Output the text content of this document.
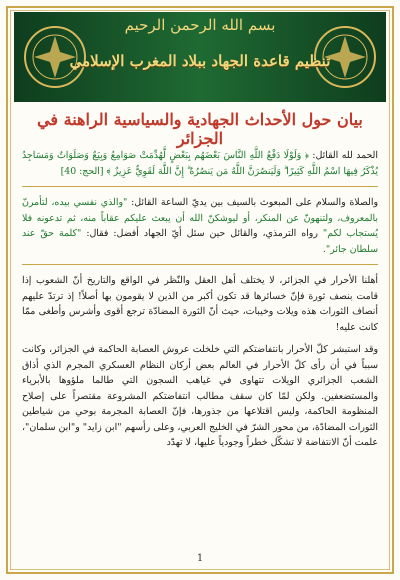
بسم الله الرحمن الرحيم
تنظيم قاعدة الجهاد ببلاد المغرب الإسلامي
بيان حول الأحداث الجهادية والسياسية الراهنة في الجزائر

الحمد لله القائل: ﴿ وَلَوْلَا دَفْعُ اللَّهِ النَّاسَ بَعْضَهُم بِبَعْضٍ لَّهُدِّمَتْ صَوَامِعُ وَبِيَعٌ وَصَلَوَاتٌ وَمَسَاجِدُ يُذْكَرُ فِيهَا اسْمُ اللَّهِ كَثِيرًا ۗ وَلَيَنصُرَنَّ اللَّهُ مَن يَنصُرُهُ ۗ إِنَّ اللَّهَ لَقَوِيٌّ عَزِيزٌ ﴾ [الحج: 40]

والصلاة والسلام على المبعوث بالسيف بين يديّ الساعة القائل: "والذي نفسي بيده، لتأمرنّ بالمعروف، ولتنهونّ عن المنكر، أو ليوشكنّ الله أن يبعث عليكم عقاباً منه، ثم تدعونه فلا يُستجاب لكم" رواه الترمذي، والقائل حين سئل أيّ الجهاد أفضل: فقال: "كلمة حقّ عند سلطان جائر".

أهلنا الأحرار في الجزائر، لا يختلف أهل العقل والنّظر في الواقع والتاريخ أنّ الشعوب إذا قامت بنصف ثورة فإنّ خسائرها قد تكون أكبر من الذين لا يقومون بها أصلاً! إذ ترتدّ عليهم أنصاف الثورات هذه ويلات وخيبات، حيث أنّ الثورة المضادّة ترجع أقوى وأشرس وأطغى ممّا كانت عليه!

وقد استبشر كلّ الأحرار بانتفاضتكم التي خلخلت عروش العصابة الحاكمة في الجزائر، وكانت سبباً في أن رأى كلّ الأحرار في العالم بعض أركان النظام العسكري المجرم الذي أذاق الشعب الجزائري الويلات تتهاوى في غياهب السجون التي طالما ملؤوها بالأبرياء والمستضعفين. ولكن لمّا كان سقف مطالب انتفاضتكم المشروعة مقتصراً على إصلاح المنظومة الحاكمة، وليس اقتلاعها من جذورها، فإنّ العصابة المجرمة بوحي من شياطين الثورات المضادّة، من محور الشرّ في الخليج العربي، وعلى رأسهم "ابن زايد" و"ابن سلمان"، علمت أنّ الانتفاضة لا تشكّل خطراً وجودياً عليها، لا تهدّد

1
